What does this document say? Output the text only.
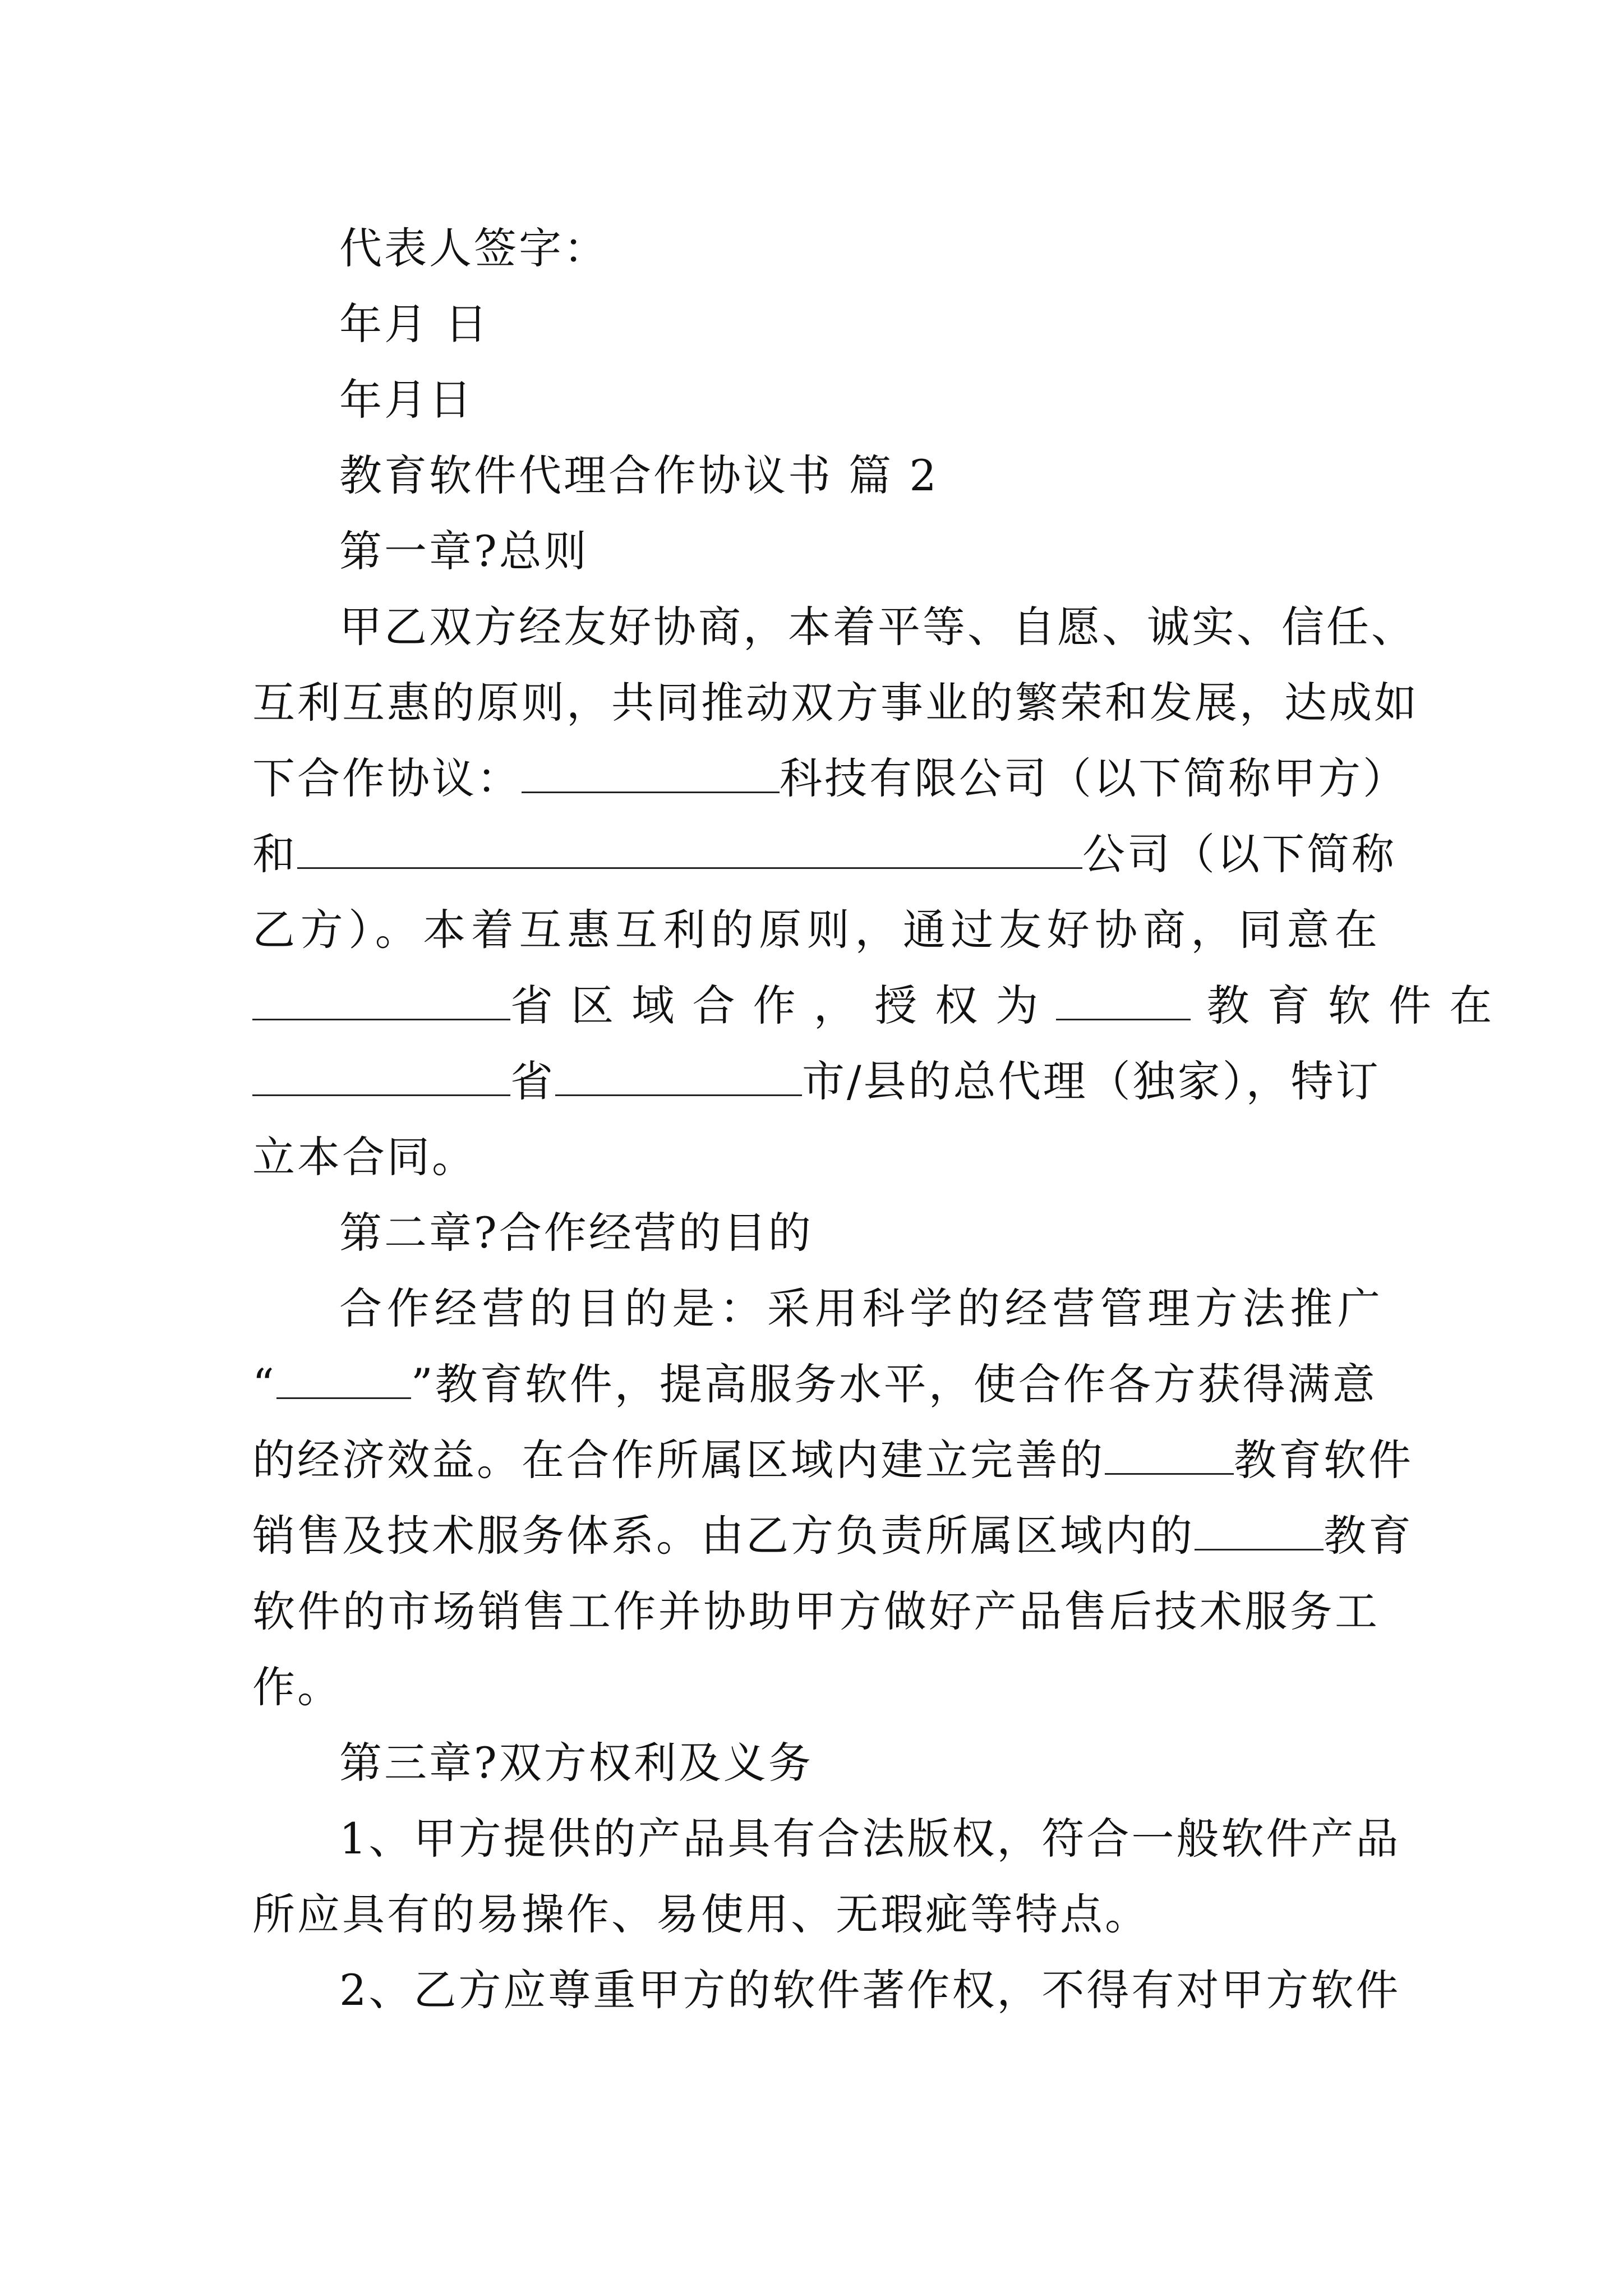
代表人签字：
年月 日
年月日
教育软件代理合作协议书 篇 2
第一章?总则
甲乙双方经友好协商，本着平等、自愿、诚实、信任、
互利互惠的原则，共同推动双方事业的繁荣和发展，达成如
下合作协议：	科技有限公司（以下简称甲方）
和	公司（以下简称
乙方）。本着互惠互利的原则，通过友好协商，同意在
省 区 域 合 作 ， 授 权 为	教 育 软 件 在
省	市/县的总代理（独家），特订
立本合同。
第二章?合作经营的目的
合作经营的目的是：采用科学的经营管理方法推广
“	”教育软件，提高服务水平，使合作各方获得满意
的经济效益。在合作所属区域内建立完善的	教育软件
销售及技术服务体系。由乙方负责所属区域内的	教育
软件的市场销售工作并协助甲方做好产品售后技术服务工
作。
第三章?双方权利及义务
1、甲方提供的产品具有合法版权，符合一般软件产品
所应具有的易操作、易使用、无瑕疵等特点。
2、乙方应尊重甲方的软件著作权，不得有对甲方软件
